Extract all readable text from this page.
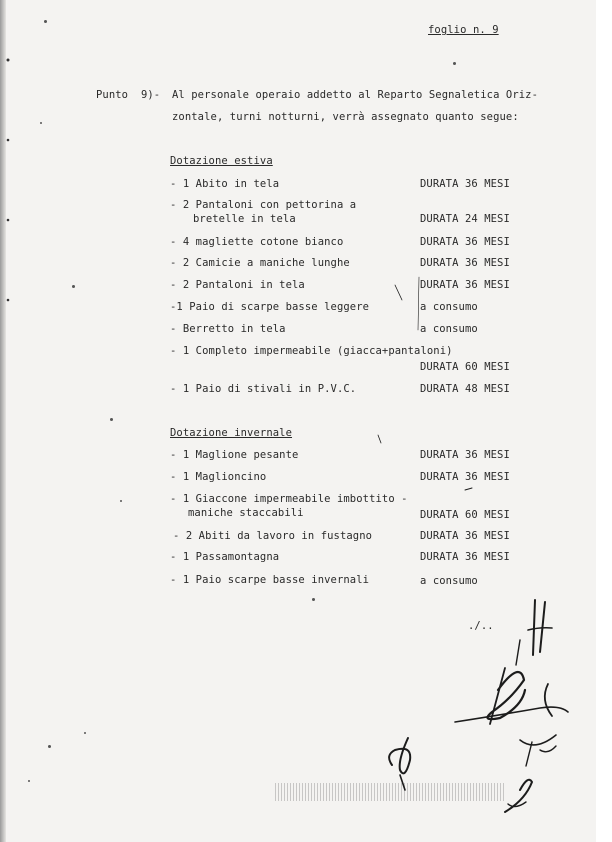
foglio n. 9
Punto  9)- Al personale operaio addetto al Reparto Segnaletica Oriz-
zontale, turni notturni, verrà assegnato quanto segue:
Dotazione estiva
- 1 Abito in tela	DURATA 36 MESI
- 2 Pantaloni con pettorina a
bretelle in tela	DURATA 24 MESI
- 4 magliette cotone bianco	DURATA 36 MESI
- 2 Camicie a maniche lunghe	DURATA 36 MESI
- 2 Pantaloni in tela	DURATA 36 MESI
-1 Paio di scarpe basse leggere	a consumo
- Berretto in tela	a consumo
- 1 Completo impermeabile (giacca+pantaloni)
DURATA 60 MESI
- 1 Paio di stivali in P.V.C.	DURATA 48 MESI
Dotazione invernale
- 1 Maglione pesante	DURATA 36 MESI
- 1 Maglioncino	DURATA 36 MESI
- 1 Giaccone impermeabile imbottito -
maniche staccabili	DURATA 60 MESI
- 2 Abiti da lavoro in fustagno	DURATA 36 MESI
- 1 Passamontagna	DURATA 36 MESI
- 1 Paio scarpe basse invernali	a consumo
./..
